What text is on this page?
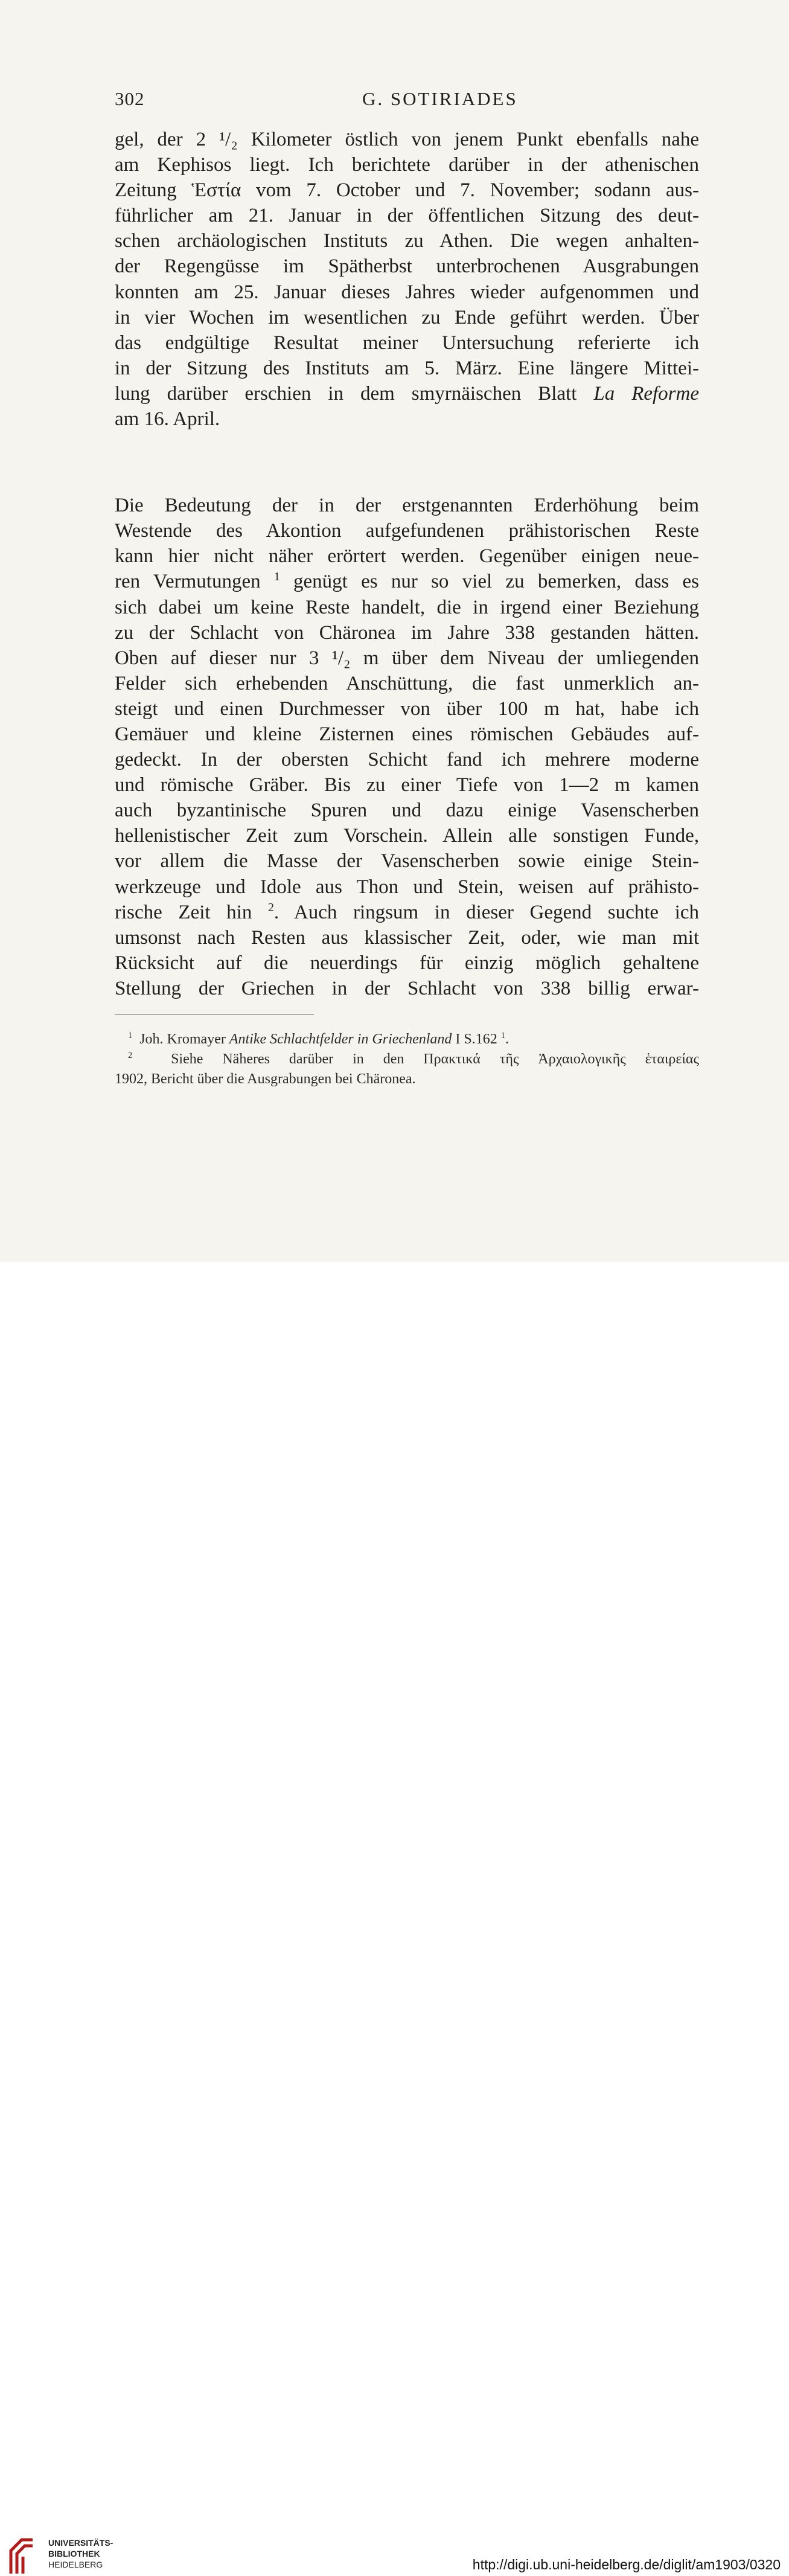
302	G. SOTIRIADES

gel, der 2 ¹/₂ Kilometer östlich von jenem Punkt ebenfalls nahe
am Kephisos liegt. Ich berichtete darüber in der athenischen
Zeitung Ἑστία vom 7. October und 7. November; sodann aus-
führlicher am 21. Januar in der öffentlichen Sitzung des deut-
schen archäologischen Instituts zu Athen. Die wegen anhalten-
der Regengüsse im Spätherbst unterbrochenen Ausgrabungen
konnten am 25. Januar dieses Jahres wieder aufgenommen und
in vier Wochen im wesentlichen zu Ende geführt werden. Über
das endgültige Resultat meiner Untersuchung referierte ich
in der Sitzung des Instituts am 5. März. Eine längere Mittei-
lung darüber erschien in dem smyrnäischen Blatt La Reforme
am 16. April.

Die Bedeutung der in der erstgenannten Erderhöhung beim
Westende des Akontion aufgefundenen prähistorischen Reste
kann hier nicht näher erörtert werden. Gegenüber einigen neue-
ren Vermutungen $^1$ genügt es nur so viel zu bemerken, dass es
sich dabei um keine Reste handelt, die in irgend einer Beziehung
zu der Schlacht von Chäronea im Jahre 338 gestanden hätten.
Oben auf dieser nur 3 ¹/₂ m über dem Niveau der umliegenden
Felder sich erhebenden Anschüttung, die fast unmerklich an-
steigt und einen Durchmesser von über 100 m hat, habe ich
Gemäuer und kleine Zisternen eines römischen Gebäudes auf-
gedeckt. In der obersten Schicht fand ich mehrere moderne
und römische Gräber. Bis zu einer Tiefe von 1—2 m kamen
auch byzantinische Spuren und dazu einige Vasenscherben
hellenistischer Zeit zum Vorschein. Allein alle sonstigen Funde,
vor allem die Masse der Vasenscherben sowie einige Stein-
werkzeuge und Idole aus Thon und Stein, weisen auf prähisto-
rische Zeit hin $^2$. Auch ringsum in dieser Gegend suchte ich
umsonst nach Resten aus klassischer Zeit, oder, wie man mit
Rücksicht auf die neuerdings für einzig möglich gehaltene
Stellung der Griechen in der Schlacht von 338 billig erwar-

$^1$ Joh. Kromayer Antike Schlachtfelder in Griechenland I S.162 $^1$.

$^2$	Siehe Näheres darüber in den Πρακτικά τῆς Ἀρχαιολογικῆς ἑταιρείας

1902, Bericht über die Ausgrabungen bei Chäronea.

UNIVERSITÄTS-
BIBLIOTHEK
HEIDELBERG	http://digi.ub.uni-heidelberg.de/diglit/am1903/0320
